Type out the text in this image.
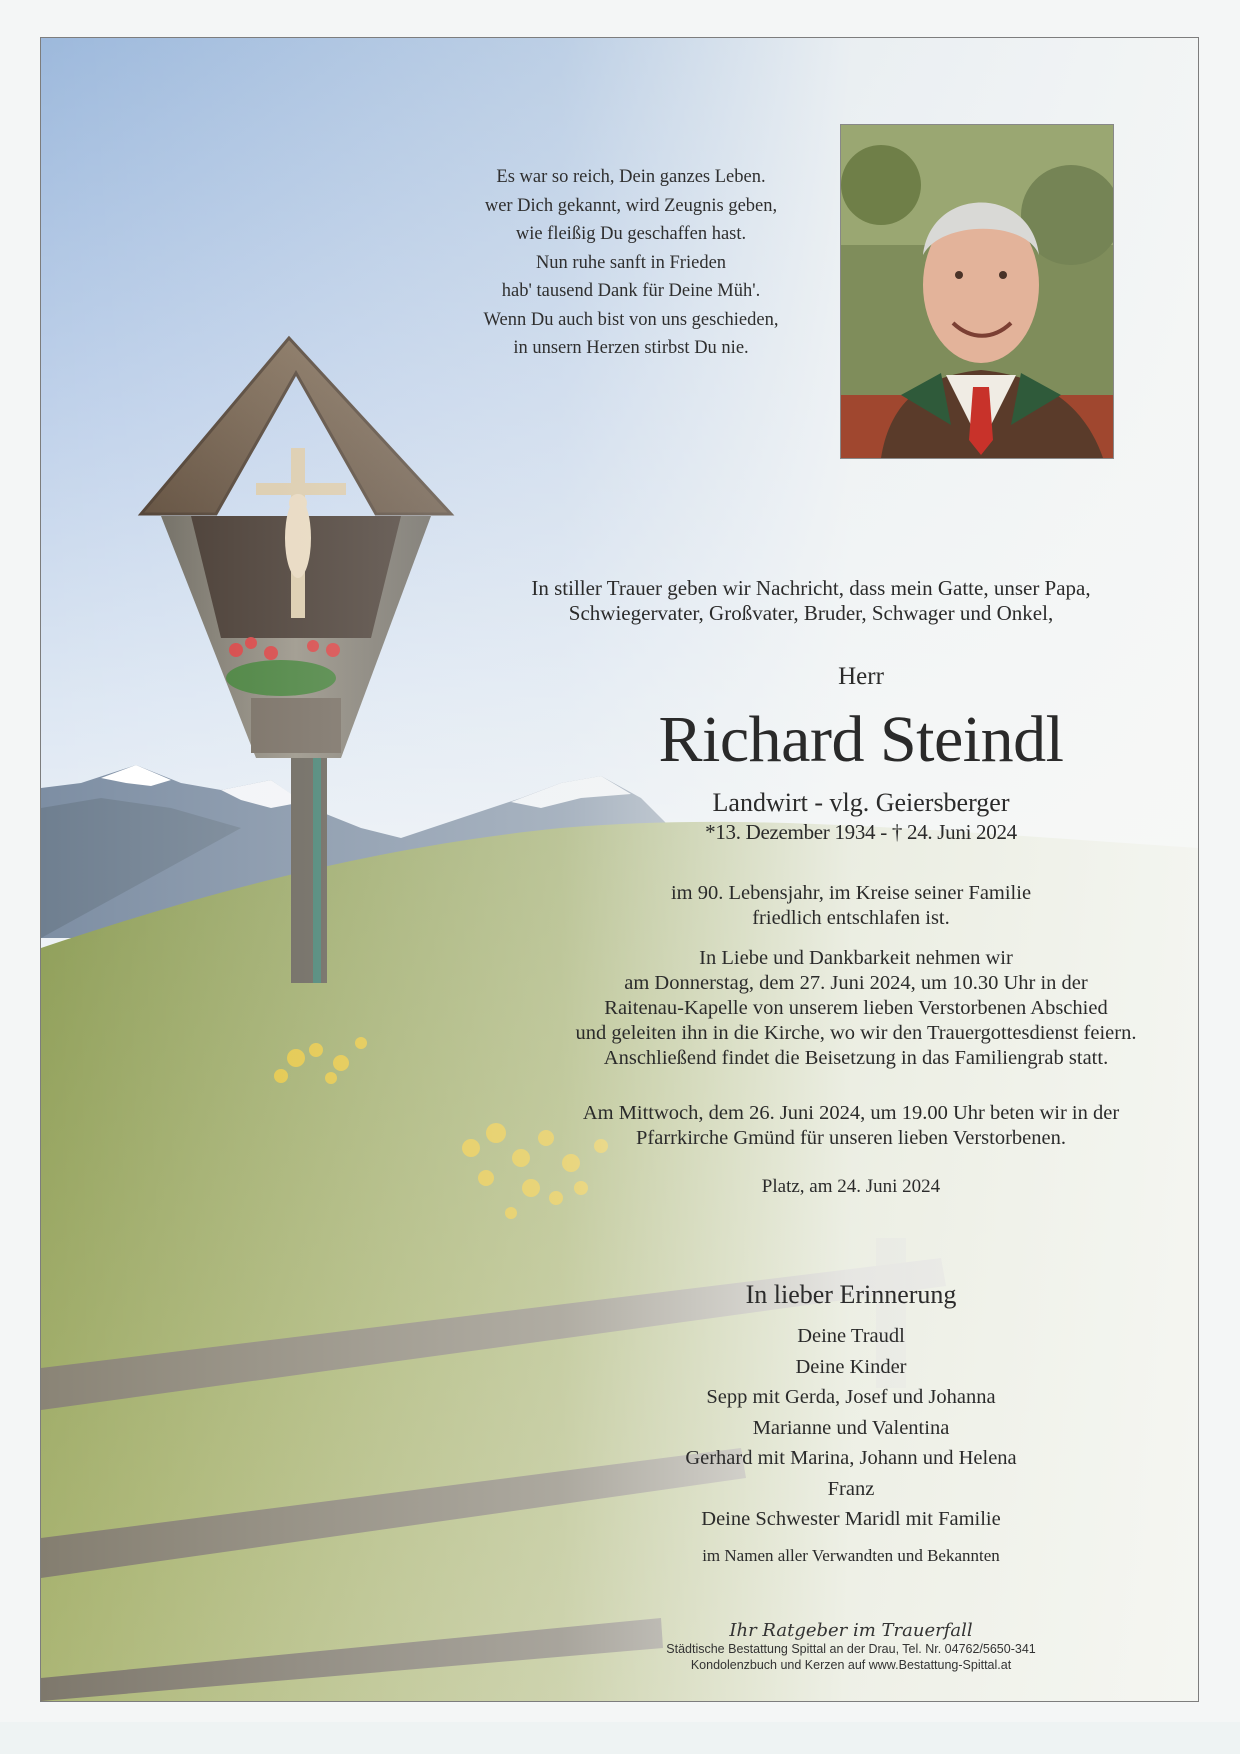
Es war so reich, Dein ganzes Leben.
wer Dich gekannt, wird Zeugnis geben,
wie fleißig Du geschaffen hast.
Nun ruhe sanft in Frieden
hab' tausend Dank für Deine Müh'.
Wenn Du auch bist von uns geschieden,
in unsern Herzen stirbst Du nie.
In stiller Trauer geben wir Nachricht, dass mein Gatte, unser Papa,
Schwiegervater, Großvater, Bruder, Schwager und Onkel,
Herr
Richard Steindl
Landwirt - vlg. Geiersberger
*13. Dezember 1934 - † 24. Juni 2024
im 90. Lebensjahr, im Kreise seiner Familie
friedlich entschlafen ist.
In Liebe und Dankbarkeit nehmen wir
am Donnerstag, dem 27. Juni 2024, um 10.30 Uhr in der
Raitenau-Kapelle von unserem lieben Verstorbenen Abschied
und geleiten ihn in die Kirche, wo wir den Trauergottesdienst feiern.
Anschließend findet die Beisetzung in das Familiengrab statt.
Am Mittwoch, dem 26. Juni 2024, um 19.00 Uhr beten wir in der
Pfarrkirche Gmünd für unseren lieben Verstorbenen.
Platz, am 24. Juni 2024
In lieber Erinnerung
Deine Traudl
Deine Kinder
Sepp mit Gerda, Josef und Johanna
Marianne und Valentina
Gerhard mit Marina, Johann und Helena
Franz
Deine Schwester Maridl mit Familie
im Namen aller Verwandten und Bekannten
Ihr Ratgeber im Trauerfall
Städtische Bestattung Spittal an der Drau, Tel. Nr. 04762/5650-341
Kondolenzbuch und Kerzen auf www.Bestattung-Spittal.at
